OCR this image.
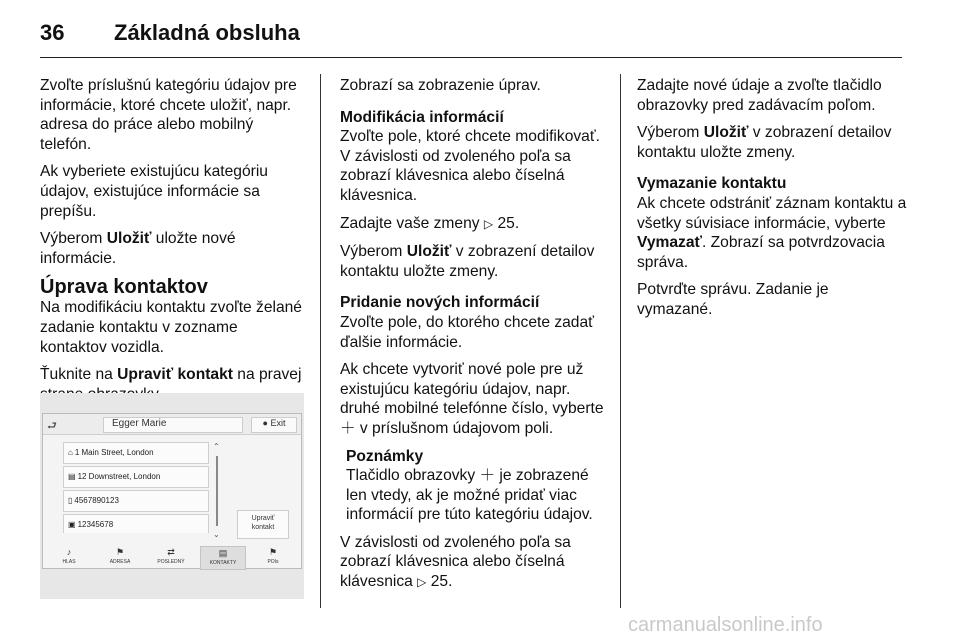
36 Základná obsluha

Zvoľte príslušnú kategóriu údajov pre informácie, ktoré chcete uložiť, napr. adresa do práce alebo mobilný telefón.

Ak vyberiete existujúcu kategóriu údajov, existujúce informácie sa prepíšu.

Výberom Uložiť uložte nové informácie.

Úprava kontaktov

Na modifikáciu kontaktu zvoľte želané zadanie kontaktu v zozname kontaktov vozidla.

Ťuknite na Upraviť kontakt na pravej

⮐	Egger Marie	● Exit
⌂ 1 Main Street, London
▤ 12 Downstreet, London
▯ 4567890123
▣ 12345678
⌃
⌄
Upraviť
kontakt
♪
HLAS
⚑
ADRESA
⇄
POSLEDNÝ
▤
KONTAKTY
⚑
POIs

Zobrazí sa zobrazenie úprav.

Modifikácia informácií

Zvoľte pole, ktoré chcete modifikovať. V závislosti od zvoleného poľa sa zobrazí klávesnica alebo číselná klávesnica.

Zadajte vaše zmeny ▷ 25.

Výberom Uložiť v zobrazení detailov kontaktu uložte zmeny.

Pridanie nových informácií

Zvoľte pole, do ktorého chcete zadať ďalšie informácie.

Ak chcete vytvoriť nové pole pre už existujúcu kategóriu údajov, napr. druhé mobilné telefónne číslo, vyberte ＋ v príslušnom údajovom poli.

Poznámky

Tlačidlo obrazovky ＋ je zobrazené len vtedy, ak je možné pridať viac informácií pre túto kategóriu údajov.

V závislosti od zvoleného poľa sa zobrazí klávesnica alebo číselná klávesnica ▷ 25.

Zadajte nové údaje a zvoľte tlačidlo obrazovky pred zadávacím poľom.

Výberom Uložiť v zobrazení detailov kontaktu uložte zmeny.

Vymazanie kontaktu

Ak chcete odstrániť záznam kontaktu a všetky súvisiace informácie, vyberte Vymazať. Zobrazí sa potvrdzovacia správa.

Potvrďte správu. Zadanie je vymazané.

carmanualsonline.info
